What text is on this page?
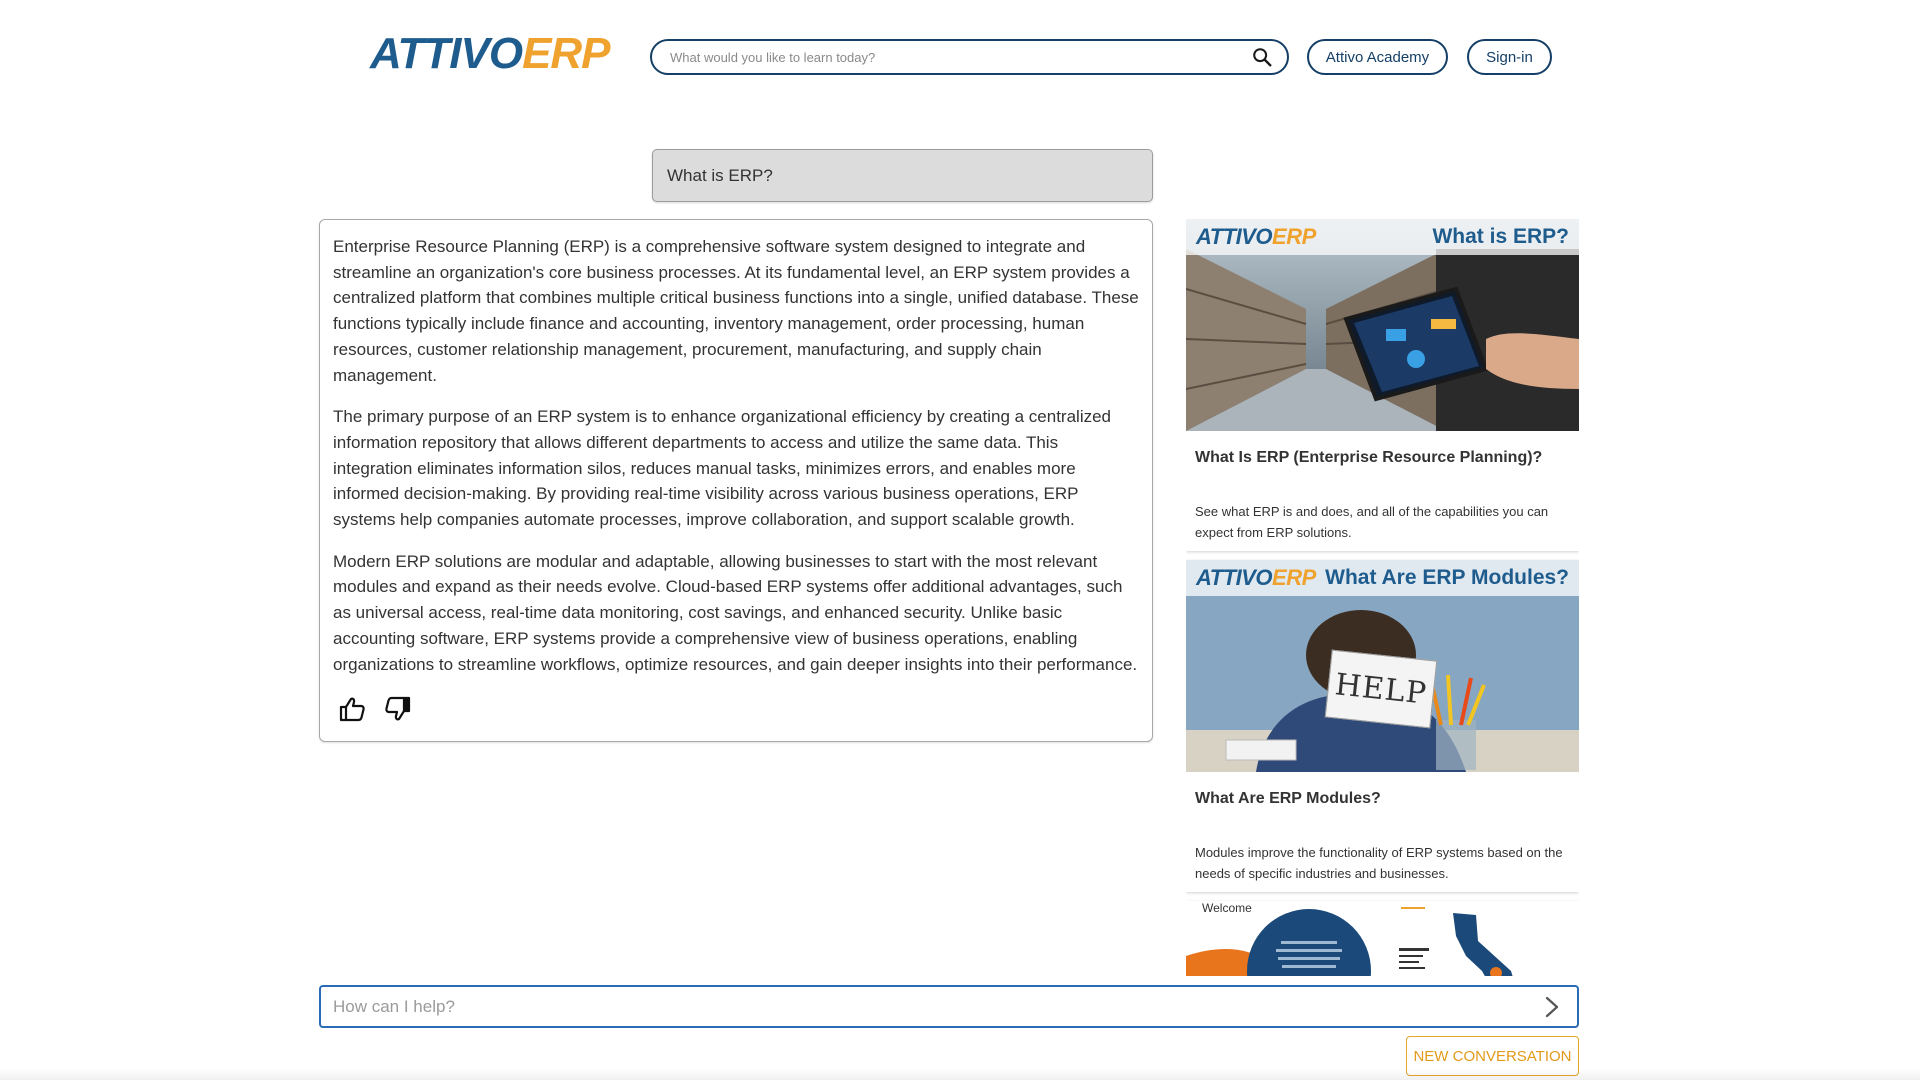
ATTIVOERP
What would you like to learn today?	Attivo Academy	Sign-in
What is ERP?

Enterprise Resource Planning (ERP) is a comprehensive software system designed to integrate and streamline an organization's core business processes. At its fundamental level, an ERP system provides a centralized platform that combines multiple critical business functions into a single, unified database. These functions typically include finance and accounting, inventory management, order processing, human resources, customer relationship management, procurement, manufacturing, and supply chain management.

The primary purpose of an ERP system is to enhance organizational efficiency by creating a centralized information repository that allows different departments to access and utilize the same data. This integration eliminates information silos, reduces manual tasks, minimizes errors, and enables more informed decision-making. By providing real-time visibility across various business operations, ERP systems help companies automate processes, improve collaboration, and support scalable growth.

Modern ERP solutions are modular and adaptable, allowing businesses to start with the most relevant modules and expand as their needs evolve. Cloud-based ERP systems offer additional advantages, such as universal access, real-time data monitoring, cost savings, and enhanced security. Unlike basic accounting software, ERP systems provide a comprehensive view of business operations, enabling organizations to streamline workflows, optimize resources, and gain deeper insights into their performance.

ATTIVOERP	What is ERP?
What Is ERP (Enterprise Resource Planning)?
See what ERP is and does, and all of the capabilities you can expect from ERP solutions.
HELP
ATTIVOERP What Are ERP Modules?
What Are ERP Modules?
Modules improve the functionality of ERP systems based on the needs of specific industries and businesses.
Welcome
How can I help?
NEW CONVERSATION
